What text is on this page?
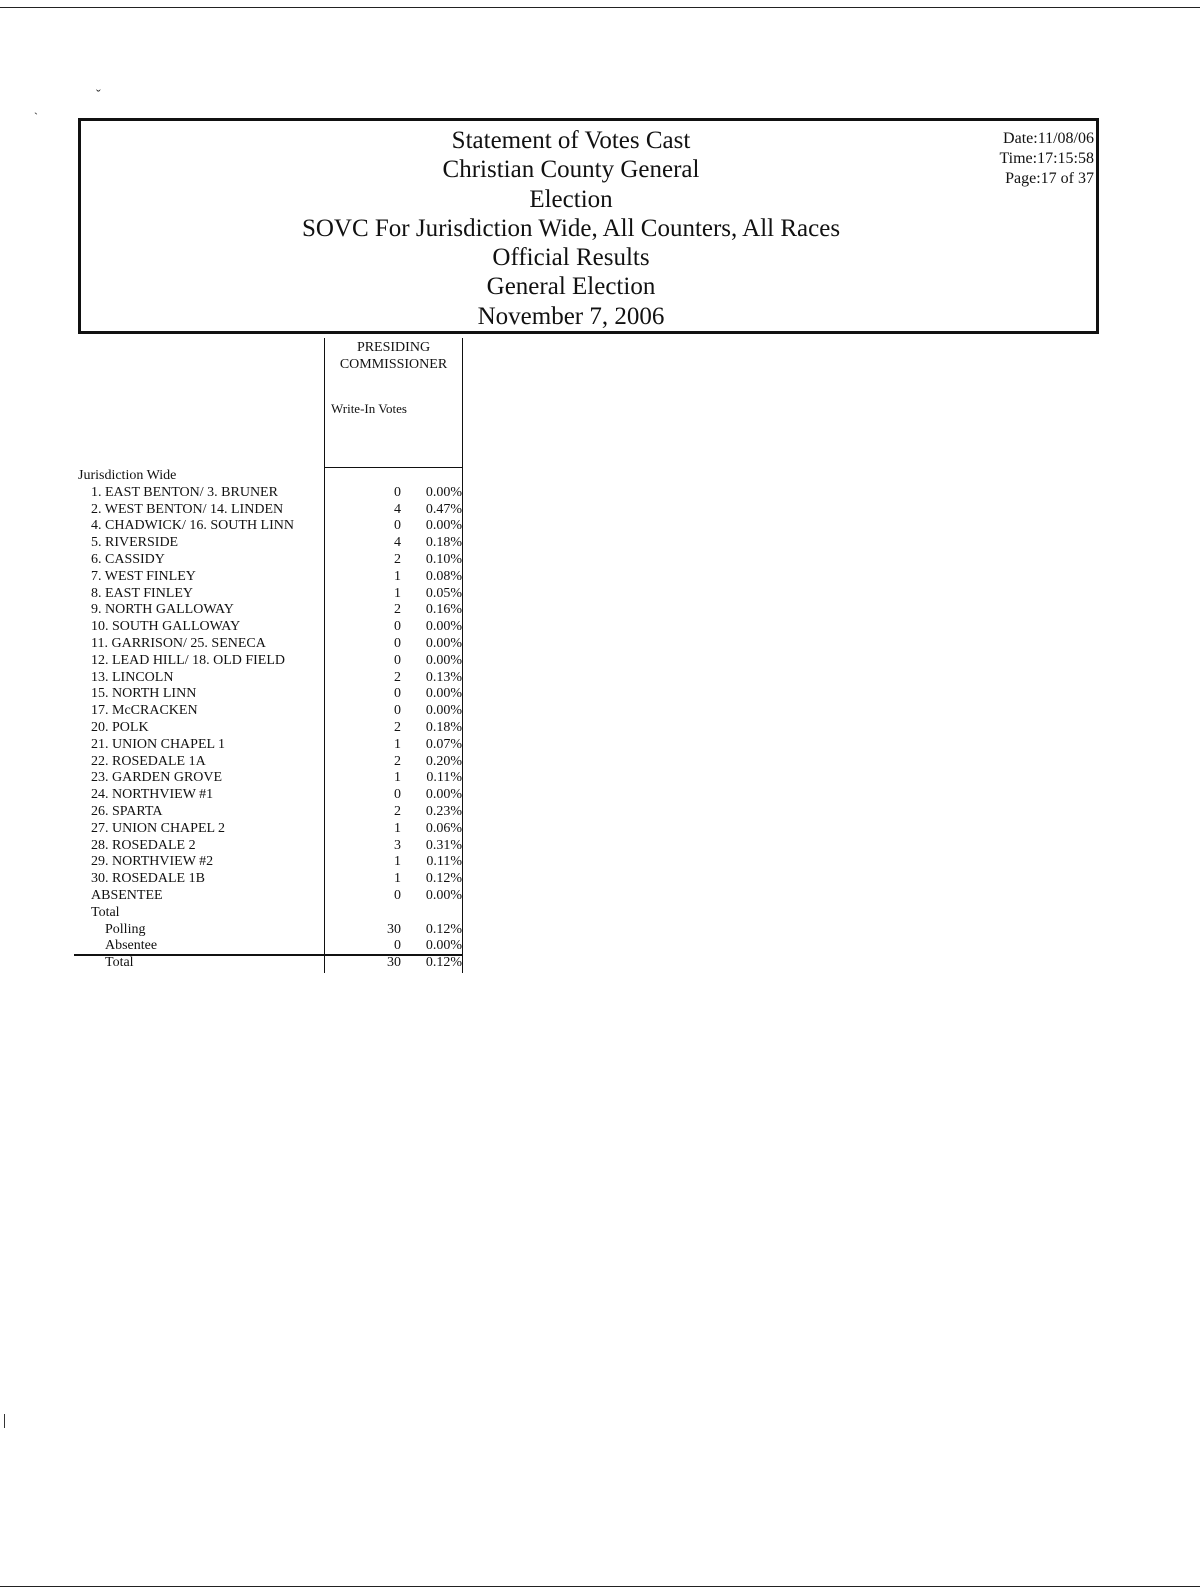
ˇ
`
Statement of Votes Cast
Christian County General
Election
SOVC For Jurisdiction Wide, All Counters, All Races
Official Results
General Election
November 7, 2006
Date:11/08/06
Time:17:15:58
Page:17 of 37
PRESIDING
COMMISSIONER
Write-In Votes
Jurisdiction Wide
1. EAST BENTON/ 3. BRUNER	0 0.00%
2. WEST BENTON/ 14. LINDEN	4 0.47%
4. CHADWICK/ 16. SOUTH LINN	0 0.00%
5. RIVERSIDE	4 0.18%
6. CASSIDY	2 0.10%
7. WEST FINLEY	1 0.08%
8. EAST FINLEY	1 0.05%
9. NORTH GALLOWAY	2 0.16%
10. SOUTH GALLOWAY	0 0.00%
11. GARRISON/ 25. SENECA	0 0.00%
12. LEAD HILL/ 18. OLD FIELD	0 0.00%
13. LINCOLN	2 0.13%
15. NORTH LINN	0 0.00%
17. McCRACKEN	0 0.00%
20. POLK	2 0.18%
21. UNION CHAPEL 1	1 0.07%
22. ROSEDALE 1A	2 0.20%
23. GARDEN GROVE	1 0.11%
24. NORTHVIEW #1	0 0.00%
26. SPARTA	2 0.23%
27. UNION CHAPEL 2	1 0.06%
28. ROSEDALE 2	3 0.31%
29. NORTHVIEW #2	1 0.11%
30. ROSEDALE 1B	1 0.12%
ABSENTEE	0 0.00%
Total
Polling	30 0.12%
Absentee	0 0.00%
Total	30 0.12%
